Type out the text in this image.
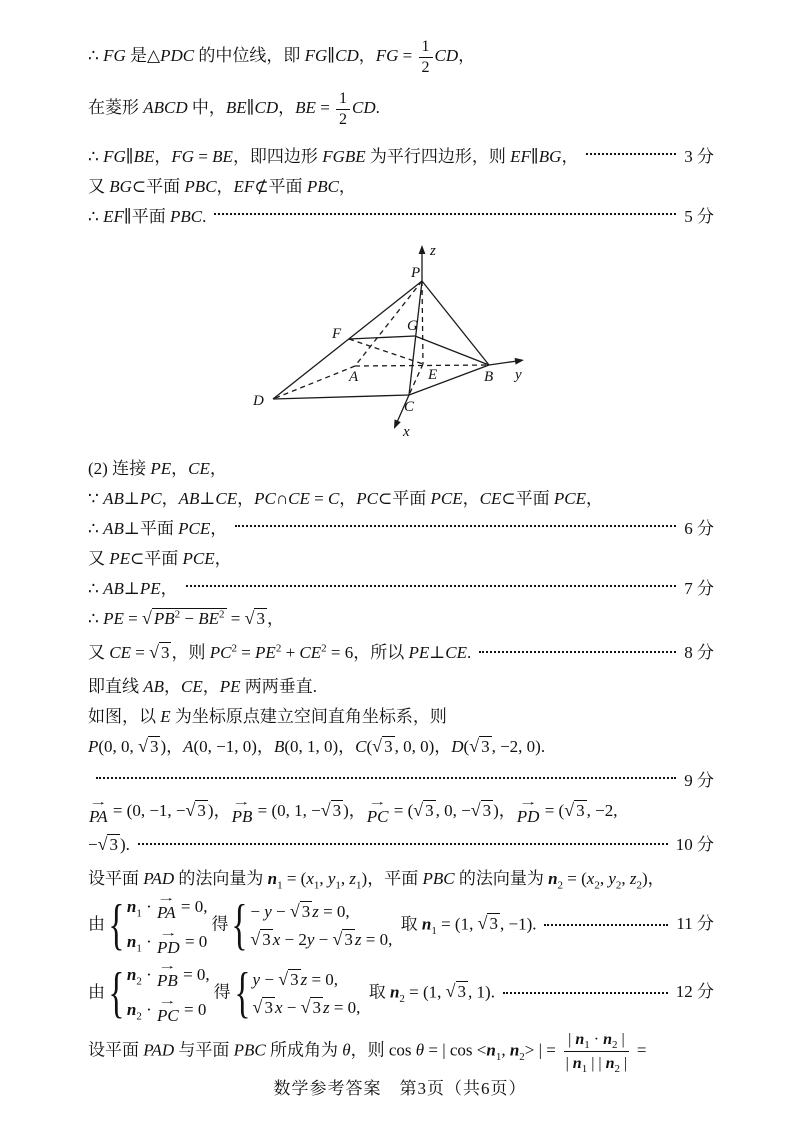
∴ FG 是△PDC 的中位线，即 FG∥CD，FG = $\frac{1}{2}$ CD，
在菱形 ABCD 中，BE∥CD，BE = $\frac{1}{2}$ CD.
∴ FG∥BE，FG = BE，即四边形 FGBE 为平行四边形，则 EF∥BG，	3 分
又 BG⊂平面 PBC，EF⊄平面 PBC，
∴ EF∥平面 PBC.	5 分
z
y
x
P
F	G
A	E	B
C
D
(2) 连接 PE，CE，
∵ AB⊥PC，AB⊥CE，PC∩CE = C，PC⊂平面 PCE，CE⊂平面 PCE，
∴ AB⊥平面 PCE，	6 分
又 PE⊂平面 PCE，
∴ AB⊥PE，	7 分
∴ PE = √ $PB^2 - BE^2$ = √ 3 ，
又 CE = √ 3 ，则 $PC^2 = PE^2 + CE^2 = 6$，所以 PE⊥CE.	8 分
即直线 AB，CE，PE 两两垂直.
如图，以 E 为坐标原点建立空间直角坐标系，则
P(0, 0, √ 3 )，A(0, −1, 0)，B(0, 1, 0)，C( √ 3 , 0, 0)，D( √ 3 , −2, 0).
9 分
→
PA = (0, −1, − √ 3 )， →
PB = (0, 1, − √ 3 )， →
PC = ( √ 3 , 0, − √ 3 )， →
PD = ( √ 3 , −2,
− √ 3 ).	10 分
设平面 PAD 的法向量为 $n_1 = (x_1$, $y_1$, $z_1$)，平面 PBC 的法向量为 $n_2 = (x_2$, $y_2$, $z_2$)，
由 { $n_1$ · →
PA = 0,
$n_1$ · →
PD = 0
得 { − y − √ 3 z = 0,
√ 3 x − 2y − √ 3 z = 0,
取 $n_1 = (1$, √ 3 , −1).	11 分
由 { $n_2$ · →
PB = 0,
$n_2$ · →
PC = 0
得 { y − √ 3 z = 0,
√ 3 x − √ 3 z = 0,
取 $n_2 = (1$, √ 3 , 1).	12 分
设平面 PAD 与平面 PBC 所成角为 θ，则 cos θ = | $\cos <n_1$, $n_2>$ | = $\frac{| n_1 \cdot n_2 |}{| n_1 | | n_2 |}$ =
数学参考答案　第3页（共6页）
